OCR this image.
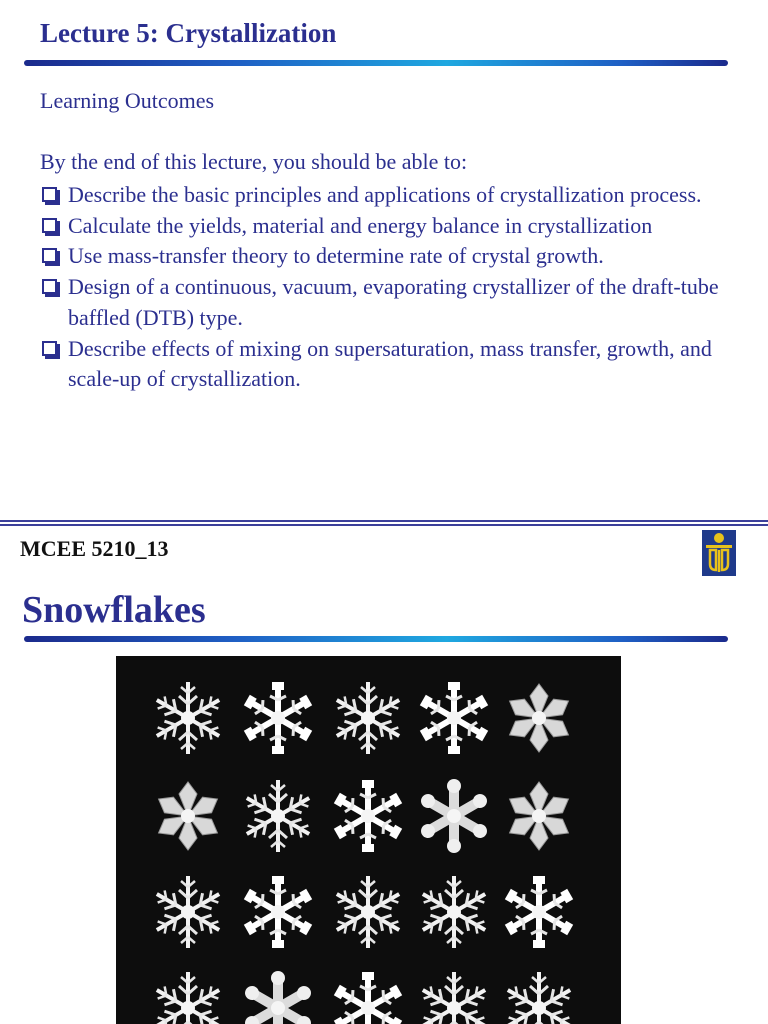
Lecture 5: Crystallization

Learning Outcomes

By the end of this lecture, you should be able to:

Describe the basic principles and applications of crystallization process.
Calculate the yields, material and energy balance in crystallization
Use mass-transfer theory to determine rate of crystal growth.
Design of a continuous, vacuum, evaporating crystallizer of the draft-tube baffled (DTB) type.
Describe effects of mixing on supersaturation, mass transfer, growth, and scale-up of crystallization.

MCEE 5210_13

Snowflakes
